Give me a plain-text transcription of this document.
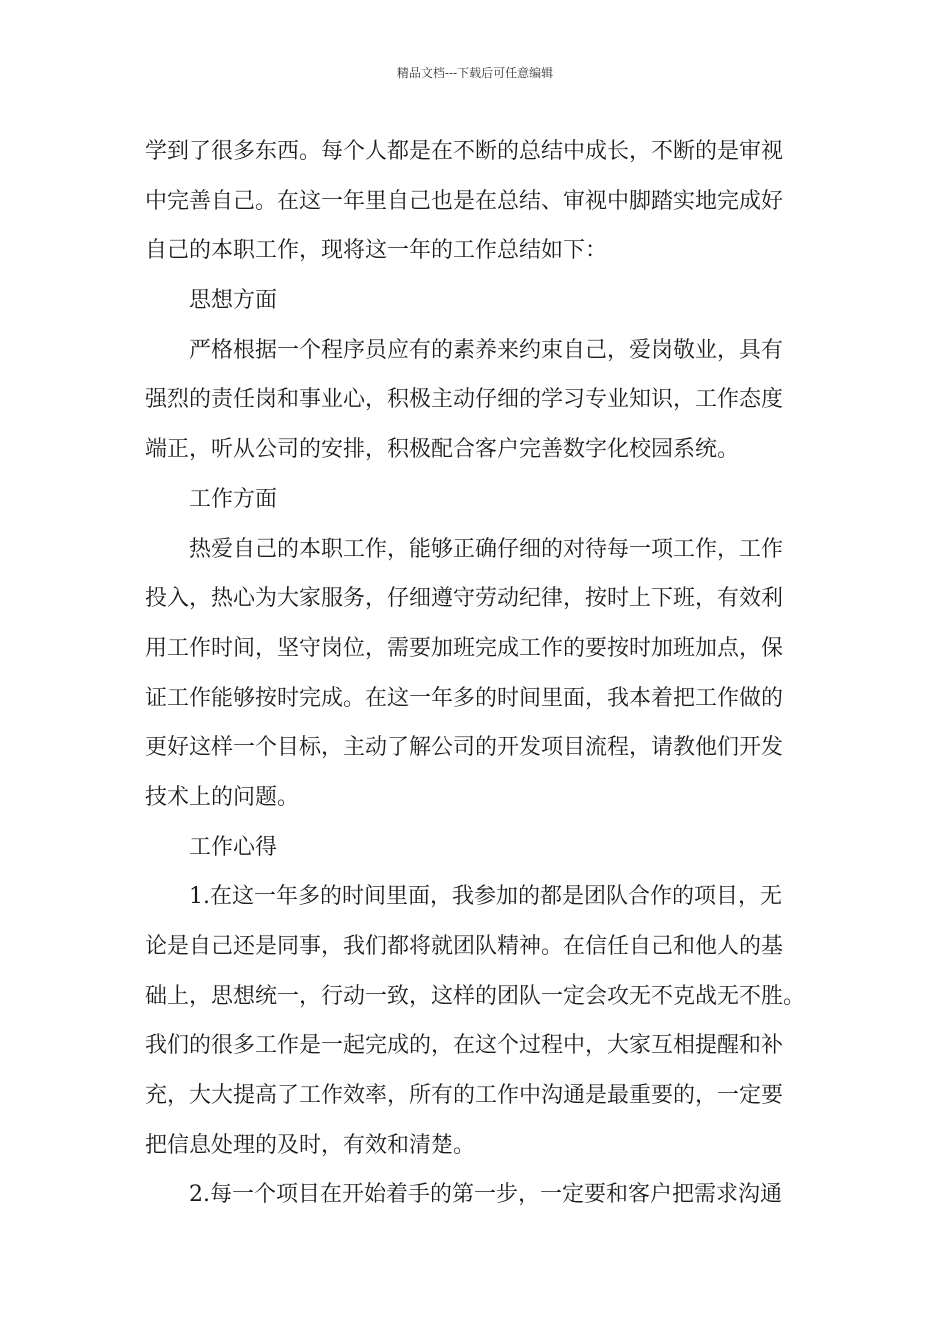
精品文档---下载后可任意编辑
学到了很多东西。每个人都是在不断的总结中成长，不断的是审视
中完善自己。在这一年里自己也是在总结、审视中脚踏实地完成好
自己的本职工作，现将这一年的工作总结如下：
思想方面
严格根据一个程序员应有的素养来约束自己，爱岗敬业，具有
强烈的责任岗和事业心，积极主动仔细的学习专业知识，工作态度
端正，听从公司的安排，积极配合客户完善数字化校园系统。
工作方面
热爱自己的本职工作，能够正确仔细的对待每一项工作，工作
投入，热心为大家服务，仔细遵守劳动纪律，按时上下班，有效利
用工作时间，坚守岗位，需要加班完成工作的要按时加班加点，保
证工作能够按时完成。在这一年多的时间里面，我本着把工作做的
更好这样一个目标，主动了解公司的开发项目流程，请教他们开发
技术上的问题。
工作心得
1.在这一年多的时间里面，我参加的都是团队合作的项目，无
论是自己还是同事，我们都将就团队精神。在信任自己和他人的基
础上，思想统一，行动一致，这样的团队一定会攻无不克战无不胜。
我们的很多工作是一起完成的，在这个过程中，大家互相提醒和补
充，大大提高了工作效率，所有的工作中沟通是最重要的，一定要
把信息处理的及时，有效和清楚。
2.每一个项目在开始着手的第一步，一定要和客户把需求沟通
